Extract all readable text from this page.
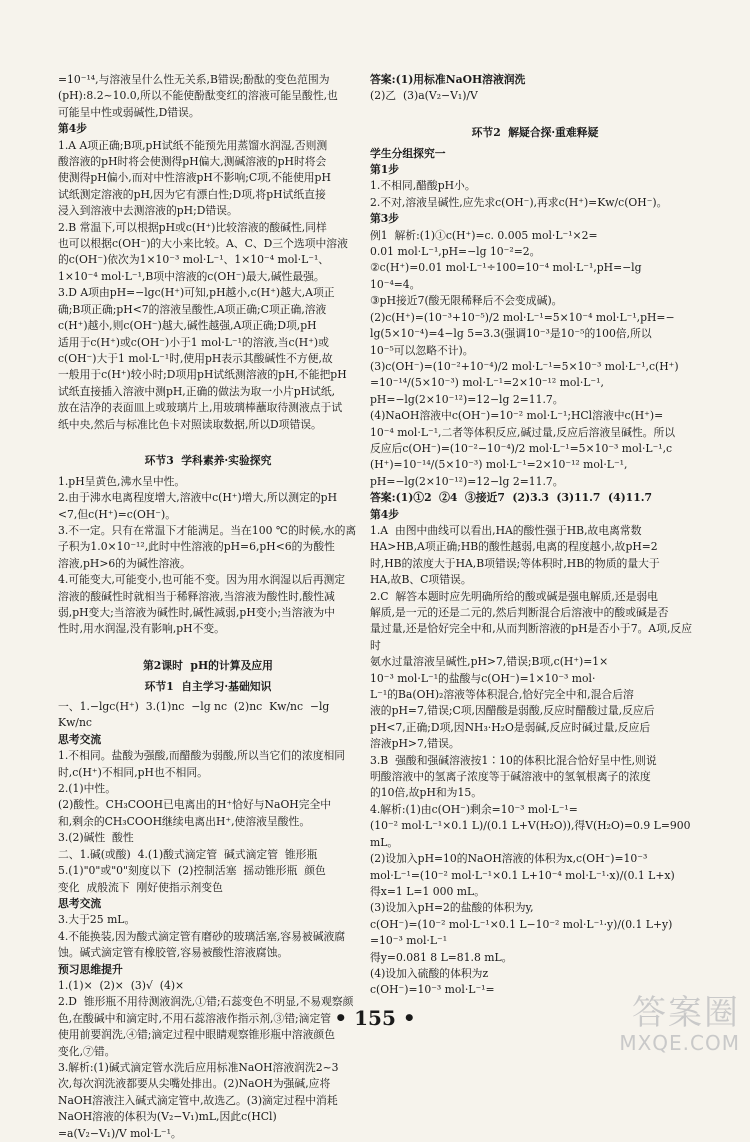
=10⁻¹⁴,与溶液呈什么性无关系,B错误;酚酞的变色范围为
(pH):8.2~10.0,所以不能使酚酞变红的溶液可能呈酸性,也
可能呈中性或弱碱性,D错误。
第4步
1.A A项正确;B项,pH试纸不能预先用蒸馏水润湿,否则测
酸溶液的pH时将会使测得pH偏大,测碱溶液的pH时将会
使测得pH偏小,而对中性溶液pH不影响;C项,不能使用pH
试纸测定溶液的pH,因为它有漂白性;D项,将pH试纸直接
浸入到溶液中去测溶液的pH;D错误。
2.B 常温下,可以根据pH或c(H⁺)比较溶液的酸碱性,同样
也可以根据c(OH⁻)的大小来比较。A、C、D三个选项中溶液
的c(OH⁻)依次为1×10⁻³ mol·L⁻¹、1×10⁻⁴ mol·L⁻¹、
1×10⁻⁴ mol·L⁻¹,B项中溶液的c(OH⁻)最大,碱性最强。
3.D A项由pH=−lgc(H⁺)可知,pH越小,c(H⁺)越大,A项正
确;B项正确;pH<7的溶液呈酸性,A项正确;C项正确,溶液
c(H⁺)越小,则c(OH⁻)越大,碱性越强,A项正确;D项,pH
适用于c(H⁺)或c(OH⁻)小于1 mol·L⁻¹的溶液,当c(H⁺)或
c(OH⁻)大于1 mol·L⁻¹时,使用pH表示其酸碱性不方便,故
一般用于c(H⁺)较小时;D项用pH试纸测溶液的pH,不能把pH
试纸直接插入溶液中测pH,正确的做法为取一小片pH试纸,
放在洁净的表面皿上或玻璃片上,用玻璃棒蘸取待测液点于试
纸中央,然后与标准比色卡对照读取数据,所以D项错误。

环节3  学科素养·实验探究
1.pH呈黄色,沸水呈中性。
2.由于沸水电离程度增大,溶液中c(H⁺)增大,所以测定的pH
<7,但c(H⁺)=c(OH⁻)。
3.不一定。只有在常温下才能满足。当在100 ℃的时候,水的离
子积为1.0×10⁻¹²,此时中性溶液的pH=6,pH<6的为酸性
溶液,pH>6的为碱性溶液。
4.可能变大,可能变小,也可能不变。因为用水润湿以后再测定
溶液的酸碱性时就相当于稀释溶液,当溶液为酸性时,酸性减
弱,pH变大;当溶液为碱性时,碱性减弱,pH变小;当溶液为中
性时,用水润湿,没有影响,pH不变。

第2课时  pH的计算及应用
环节1  自主学习·基础知识
一、1.−lgc(H⁺)  3.(1)nc  −lg nc  (2)nc  Kw/nc  −lg Kw/nc
思考交流
1.不相同。盐酸为强酸,而醋酸为弱酸,所以当它们的浓度相同
时,c(H⁺)不相同,pH也不相同。
2.(1)中性。
(2)酸性。CH₃COOH已电离出的H⁺恰好与NaOH完全中
和,剩余的CH₃COOH继续电离出H⁺,使溶液呈酸性。
3.(2)碱性  酸性
二、1.碱(或酸)  4.(1)酸式滴定管  碱式滴定管  锥形瓶
5.(1)"0"或"0"刻度以下  (2)控制活塞  摇动锥形瓶  颜色
变化  成般流下  刚好使指示剂变色
思考交流
3.大于25 mL。
4.不能换装,因为酸式滴定管有磨砂的玻璃活塞,容易被碱液腐
蚀。碱式滴定管有橡胶管,容易被酸性溶液腐蚀。
预习思维提升
1.(1)×  (2)×  (3)√  (4)×
2.D  锥形瓶不用待测液润洗,①错;石蕊变色不明显,不易观察颜
色,在酸碱中和滴定时,不用石蕊溶液作指示剂,③错;滴定管
使用前要润洗,④错;滴定过程中眼睛观察锥形瓶中溶液颜色
变化,⑦错。
3.解析:(1)碱式滴定管水洗后应用标准NaOH溶液润洗2~3
次,每次润洗液都要从尖嘴处排出。(2)NaOH为强碱,应将
NaOH溶液注入碱式滴定管中,故选乙。(3)滴定过程中消耗
NaOH溶液的体积为(V₂−V₁)mL,因此c(HCl)
=a(V₂−V₁)/V mol·L⁻¹。
答案:(1)用标准NaOH溶液润洗
(2)乙  (3)a(V₂−V₁)/V

环节2  解疑合探·重难释疑
学生分组探究一
第1步
1.不相同,醋酸pH小。
2.不对,溶液呈碱性,应先求c(OH⁻),再求c(H⁺)=Kw/c(OH⁻)。
第3步
例1  解析:(1)①c(H⁺)=c. 0.005 mol·L⁻¹×2=
0.01 mol·L⁻¹,pH=−lg 10⁻²=2。
②c(H⁺)=0.01 mol·L⁻¹÷100=10⁻⁴ mol·L⁻¹,pH=−lg
10⁻⁴=4。
③pH接近7(酸无限稀释后不会变成碱)。
(2)c(H⁺)=(10⁻³+10⁻⁵)/2 mol·L⁻¹=5×10⁻⁴ mol·L⁻¹,pH=−
lg(5×10⁻⁴)=4−lg 5=3.3(强调10⁻³是10⁻⁵的100倍,所以
10⁻⁵可以忽略不计)。
(3)c(OH⁻)=(10⁻²+10⁻⁴)/2 mol·L⁻¹=5×10⁻³ mol·L⁻¹,c(H⁺)
=10⁻¹⁴/(5×10⁻³) mol·L⁻¹=2×10⁻¹² mol·L⁻¹,
pH=−lg(2×10⁻¹²)=12−lg 2=11.7。
(4)NaOH溶液中c(OH⁻)=10⁻² mol·L⁻¹;HCl溶液中c(H⁺)=
10⁻⁴ mol·L⁻¹,二者等体积反应,碱过量,反应后溶液呈碱性。所以
反应后c(OH⁻)=(10⁻²−10⁻⁴)/2 mol·L⁻¹=5×10⁻³ mol·L⁻¹,c
(H⁺)=10⁻¹⁴/(5×10⁻³) mol·L⁻¹=2×10⁻¹² mol·L⁻¹,
pH=−lg(2×10⁻¹²)=12−lg 2=11.7。
答案:(1)①2  ②4  ③接近7  (2)3.3  (3)11.7  (4)11.7
第4步
1.A  由图中曲线可以看出,HA的酸性强于HB,故电离常数
HA>HB,A项正确;HB的酸性越弱,电离的程度越小,故pH=2
时,HB的浓度大于HA,B项错误;等体积时,HB的物质的量大于
HA,故B、C项错误。
2.C  解答本题时应先明确所给的酸或碱是强电解质,还是弱电
解质,是一元的还是二元的,然后判断混合后溶液中的酸或碱是否
量过量,还是恰好完全中和,从而判断溶液的pH是否小于7。A项,反应时
氨水过量溶液呈碱性,pH>7,错误;B项,c(H⁺)=1×
10⁻³ mol·L⁻¹的盐酸与c(OH⁻)=1×10⁻³ mol·
L⁻¹的Ba(OH)₂溶液等体积混合,恰好完全中和,混合后溶
液的pH=7,错误;C项,因醋酸是弱酸,反应时醋酸过量,反应后
pH<7,正确;D项,因NH₃·H₂O是弱碱,反应时碱过量,反应后
溶液pH>7,错误。
3.B  强酸和强碱溶液按1∶10的体积比混合恰好呈中性,则说
明酸溶液中的氢离子浓度等于碱溶液中的氢氧根离子的浓度
的10倍,故pH和为15。
4.解析:(1)由c(OH⁻)剩余=10⁻³ mol·L⁻¹=
(10⁻² mol·L⁻¹×0.1 L)/(0.1 L+V(H₂O)),得V(H₂O)=0.9 L=900 mL。
(2)设加入pH=10的NaOH溶液的体积为x,c(OH⁻)=10⁻³
mol·L⁻¹=(10⁻² mol·L⁻¹×0.1 L+10⁻⁴ mol·L⁻¹·x)/(0.1 L+x)
得x=1 L=1 000 mL。
(3)设加入pH=2的盐酸的体积为y,
c(OH⁻)=(10⁻² mol·L⁻¹×0.1 L−10⁻² mol·L⁻¹·y)/(0.1 L+y)
=10⁻³ mol·L⁻¹
得y=0.081 8 L=81.8 mL。
(4)设加入硫酸的体积为z
c(OH⁻)=10⁻³ mol·L⁻¹=
• 155 •	答案圈
MXQE.COM
